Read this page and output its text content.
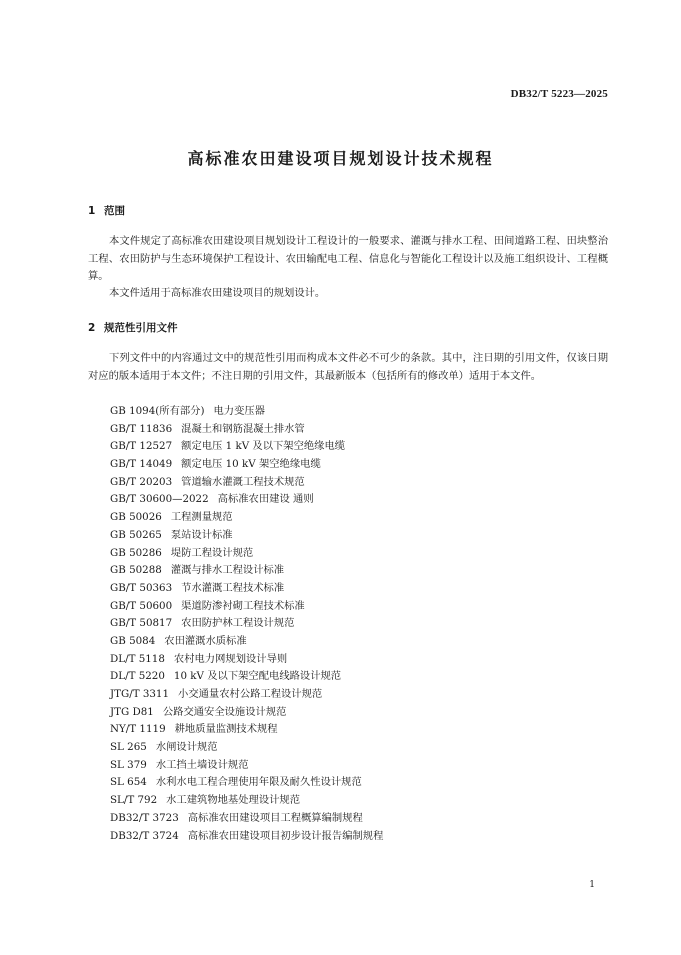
DB32/T 5223—2025
高标准农田建设项目规划设计技术规程
1 范围
本文件规定了高标准农田建设项目规划设计工程设计的一般要求、灌溉与排水工程、田间道路工程、田块整治工程、农田防护与生态环境保护工程设计、农田输配电工程、信息化与智能化工程设计以及施工组织设计、工程概算。
本文件适用于高标准农田建设项目的规划设计。
2 规范性引用文件
下列文件中的内容通过文中的规范性引用而构成本文件必不可少的条款。其中，注日期的引用文件，仅该日期对应的版本适用于本文件；不注日期的引用文件，其最新版本（包括所有的修改单）适用于本文件。
GB 1094(所有部分) 电力变压器
GB/T 11836 混凝土和钢筋混凝土排水管
GB/T 12527 额定电压 1 kV 及以下架空绝缘电缆
GB/T 14049 额定电压 10 kV 架空绝缘电缆
GB/T 20203 管道输水灌溉工程技术规范
GB/T 30600—2022 高标准农田建设 通则
GB 50026 工程测量规范
GB 50265 泵站设计标准
GB 50286 堤防工程设计规范
GB 50288 灌溉与排水工程设计标准
GB/T 50363 节水灌溉工程技术标准
GB/T 50600 渠道防渗衬砌工程技术标准
GB/T 50817 农田防护林工程设计规范
GB 5084 农田灌溉水质标准
DL/T 5118 农村电力网规划设计导则
DL/T 5220 10 kV 及以下架空配电线路设计规范
JTG/T 3311 小交通量农村公路工程设计规范
JTG D81 公路交通安全设施设计规范
NY/T 1119 耕地质量监测技术规程
SL 265 水闸设计规范
SL 379 水工挡土墙设计规范
SL 654 水利水电工程合理使用年限及耐久性设计规范
SL/T 792 水工建筑物地基处理设计规范
DB32/T 3723 高标准农田建设项目工程概算编制规程
DB32/T 3724 高标准农田建设项目初步设计报告编制规程
1
